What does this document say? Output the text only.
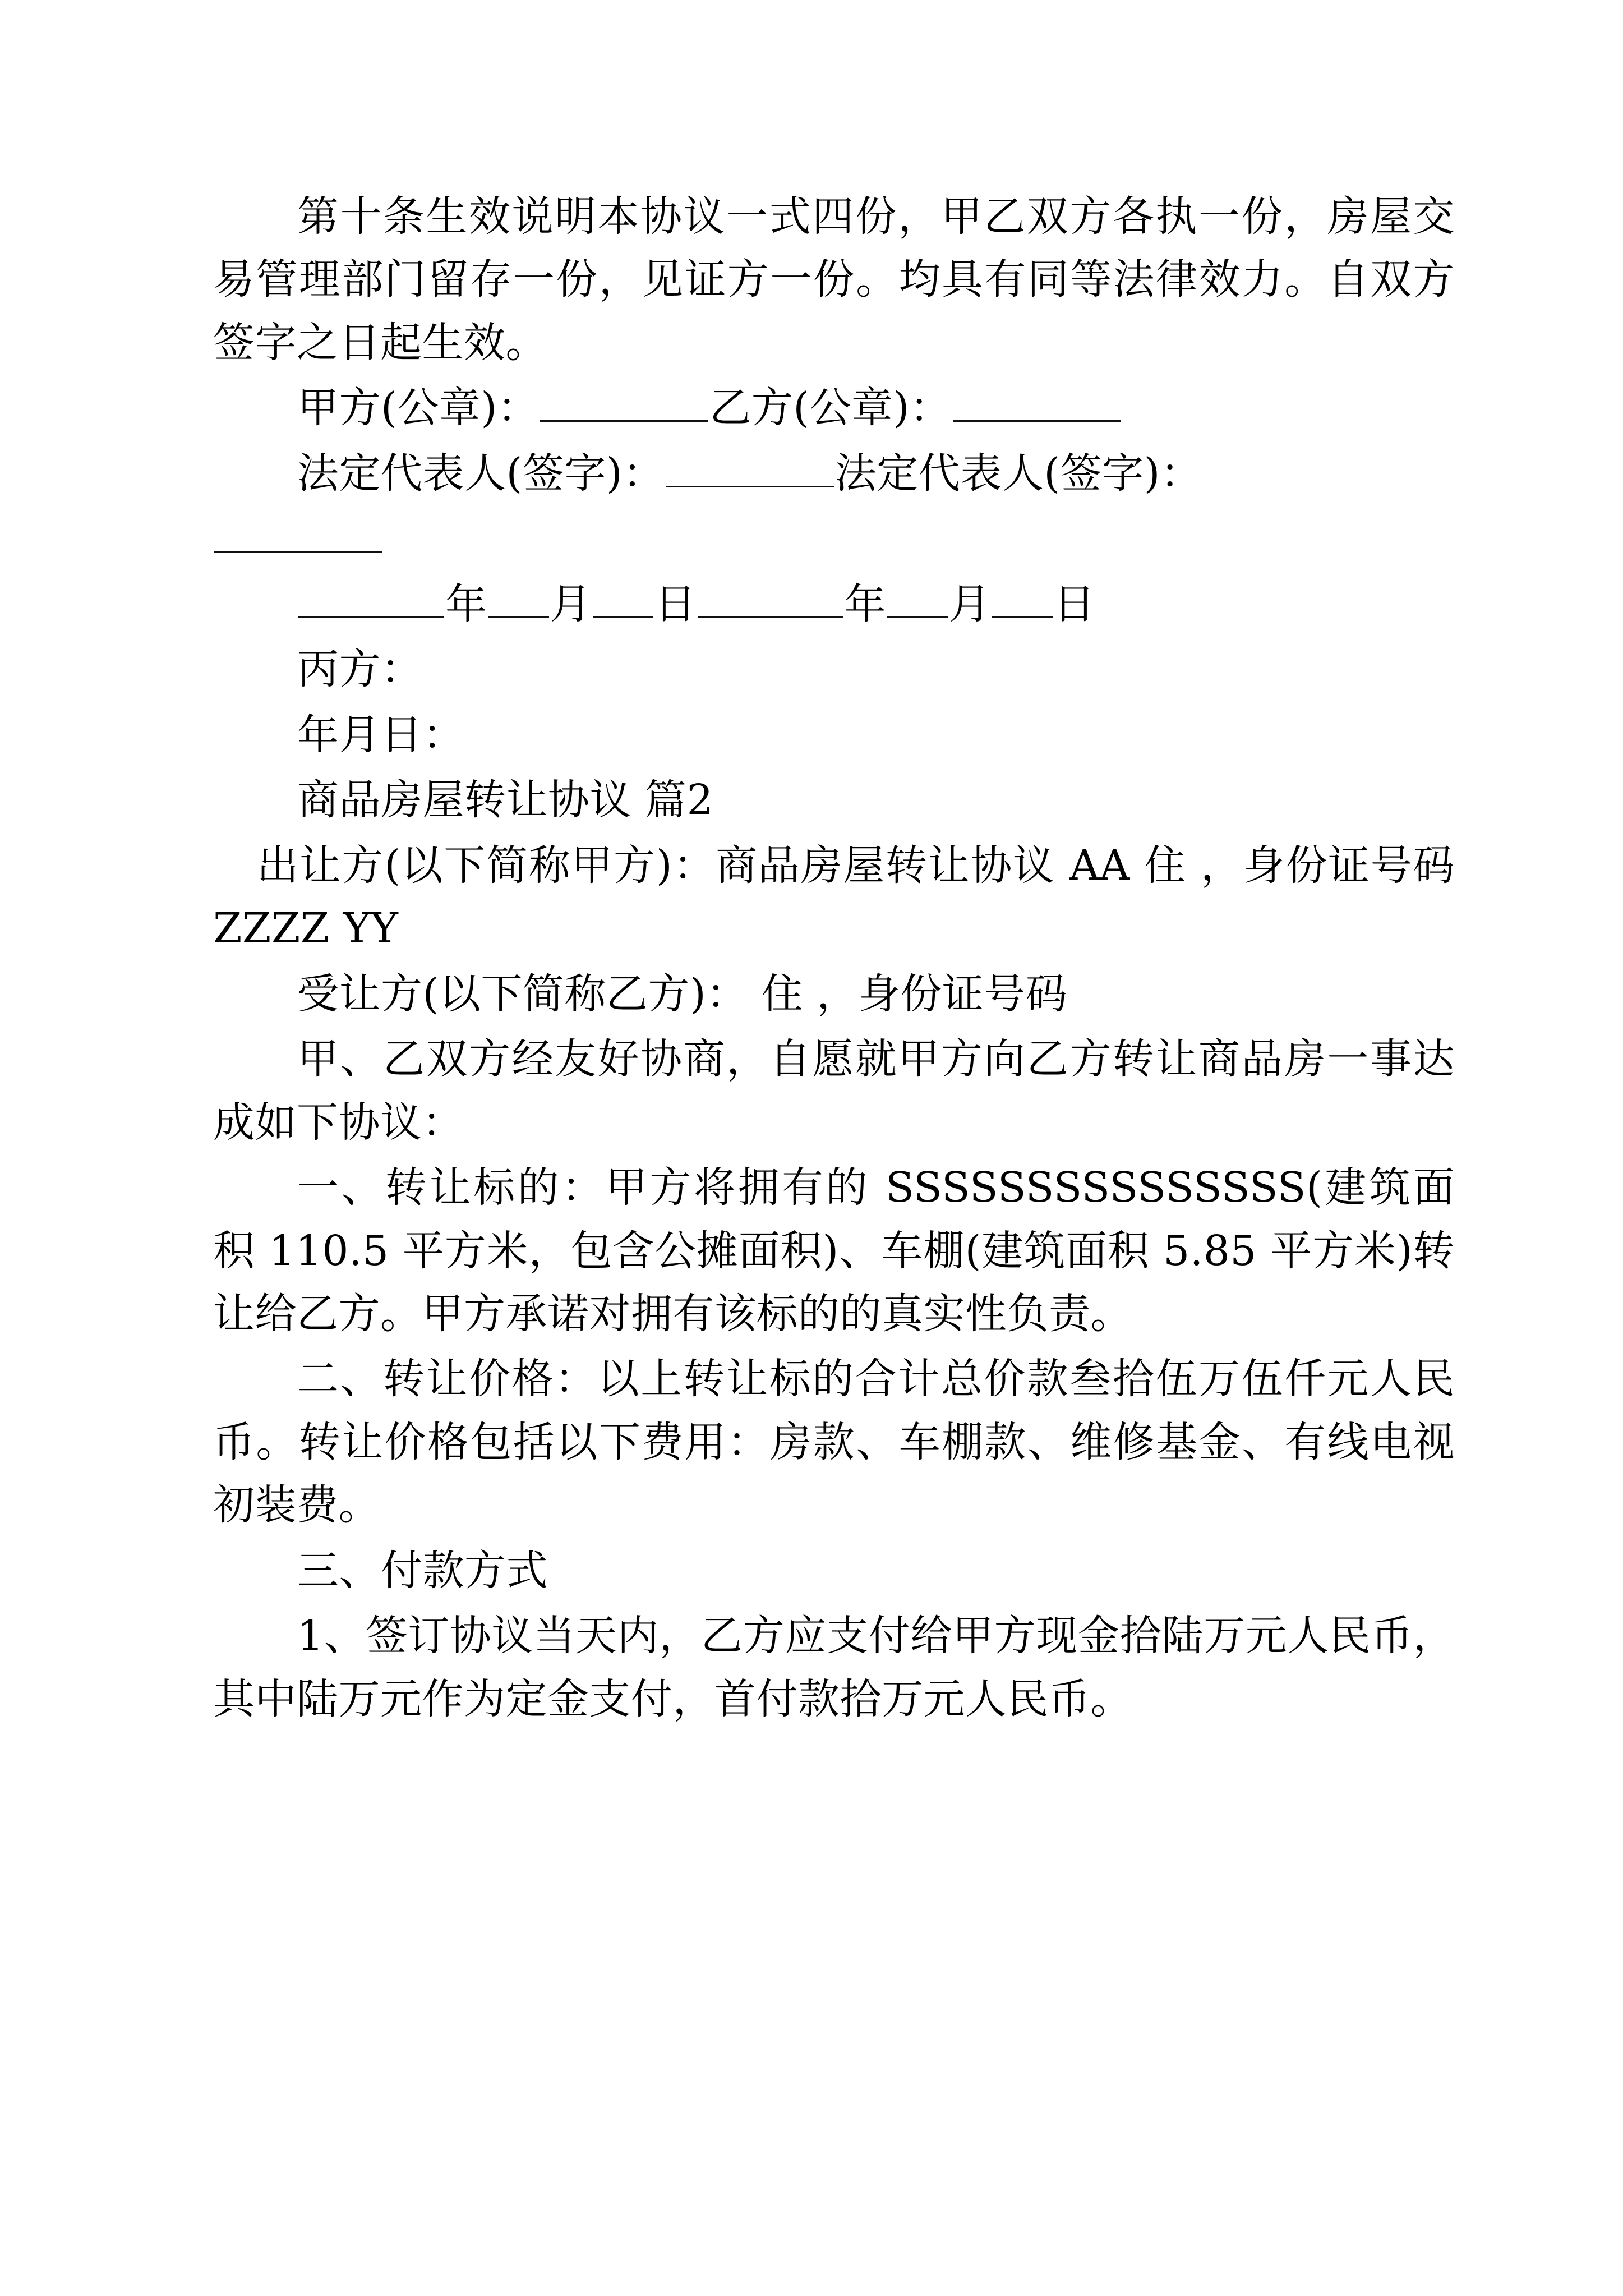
第十条生效说明本协议一式四份，甲乙双方各执一份，房屋交易管理部门留存一份，见证方一份。均具有同等法律效力。自双方签字之日起生效。

甲方(公章)：	乙方(公章)：

法定代表人(签字)：	法定代表人(签字)：

年 月 日	年 月 日

丙方：

年月日：

商品房屋转让协议 篇2

出让方(以下简称甲方)：商品房屋转让协议 AA 住 ，身份证号码ZZZZ YY

受让方(以下简称乙方)： 住 ，身份证号码

甲、乙双方经友好协商，自愿就甲方向乙方转让商品房一事达成如下协议：

一、转让标的：甲方将拥有的 SSSSSSSSSSSSSSS(建筑面积 110.5 平方米，包含公摊面积)、车棚(建筑面积 5.85 平方米)转让给乙方。甲方承诺对拥有该标的的真实性负责。

二、转让价格：以上转让标的合计总价款叁拾伍万伍仟元人民币。转让价格包括以下费用：房款、车棚款、维修基金、有线电视初装费。

三、付款方式

1、签订协议当天内，乙方应支付给甲方现金拾陆万元人民币，其中陆万元作为定金支付，首付款拾万元人民币。
